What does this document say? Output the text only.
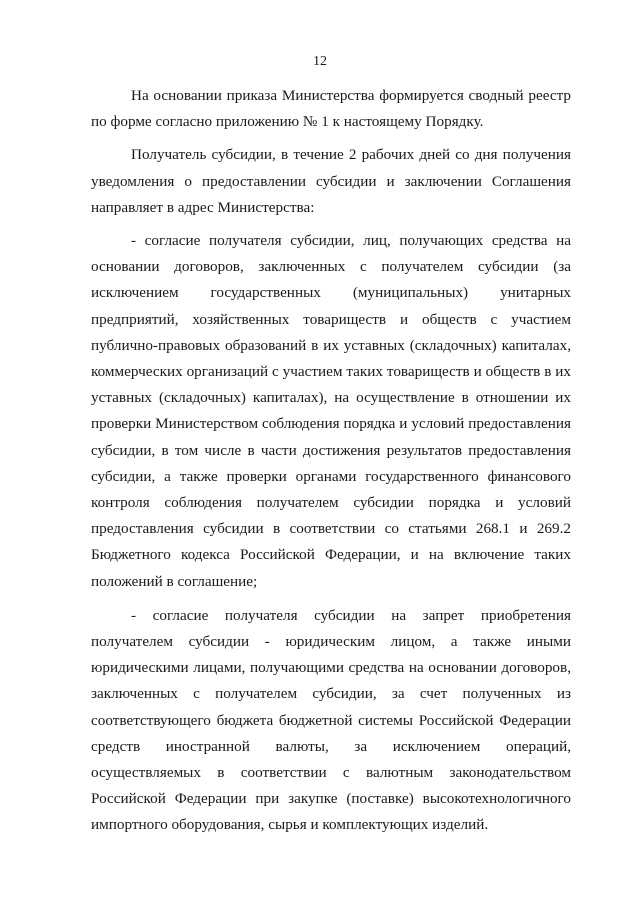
12

На основании приказа Министерства формируется сводный реестр по форме согласно приложению № 1 к настоящему Порядку.

Получатель субсидии, в течение 2 рабочих дней со дня получения уведомления о предоставлении субсидии и заключении Соглашения направляет в адрес Министерства:

- согласие получателя субсидии, лиц, получающих средства на основании договоров, заключенных с получателем субсидии (за исключением государственных (муниципальных) унитарных предприятий, хозяйственных товариществ и обществ с участием публично-правовых образований в их уставных (складочных) капиталах, коммерческих организаций с участием таких товариществ и обществ в их уставных (складочных) капиталах), на осуществление в отношении их проверки Министерством соблюдения порядка и условий предоставления субсидии, в том числе в части достижения результатов предоставления субсидии, а также проверки органами государственного финансового контроля соблюдения получателем субсидии порядка и условий предоставления субсидии в соответствии со статьями 268.1 и 269.2 Бюджетного кодекса Российской Федерации, и на включение таких положений в соглашение;

- согласие получателя субсидии на запрет приобретения получателем субсидии - юридическим лицом, а также иными юридическими лицами, получающими средства на основании договоров, заключенных с получателем субсидии, за счет полученных из соответствующего бюджета бюджетной системы Российской Федерации средств иностранной валюты, за исключением операций, осуществляемых в соответствии с валютным законодательством Российской Федерации при закупке (поставке) высокотехнологичного импортного оборудования, сырья и комплектующих изделий.
